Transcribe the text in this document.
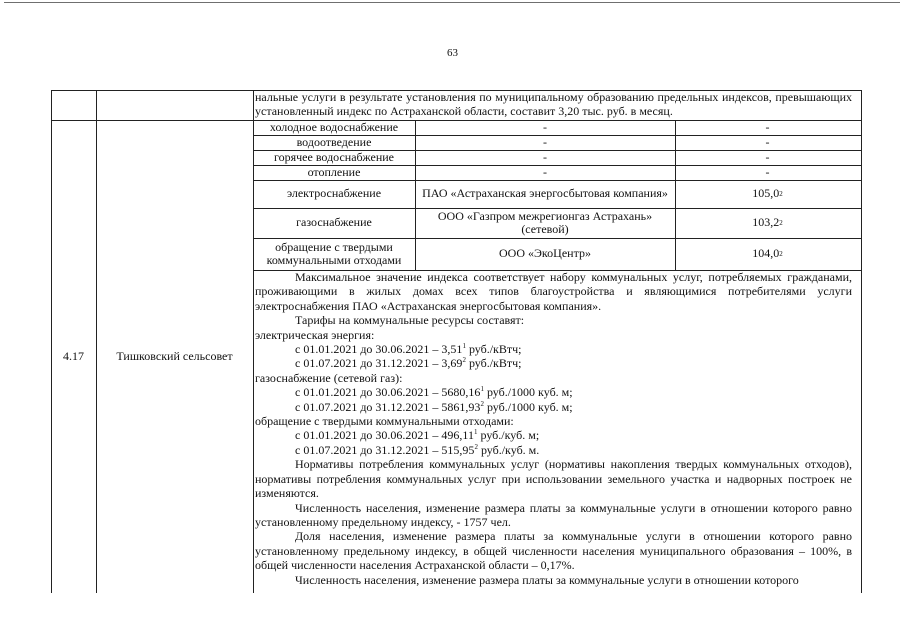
63
нальные услуги в результате установления по муниципальному образованию предельных индексов, превышающих установленный индекс по Астраханской области, составит 3,20 тыс. руб. в месяц.
4.17	Тишковский сельсовет
холодное водоснабжение	-	-
водоотведение	-	-
горячее водоснабжение	-	-
отопление	-	-
электроснабжение	ПАО «Астраханская энергосбытовая компания»	105,0 2
газоснабжение	ООО «Газпром межрегионгаз Астрахань» (сетевой)	103,2 2
обращение с твердыми коммунальными отходами	ООО «ЭкоЦентр»	104,0 2

Максимальное значение индекса соответствует набору коммунальных услуг, потребляемых гражданами, проживающими в жилых домах всех типов благоустройства и являющимися потребителями услуги электроснабжения ПАО «Астраханская энергосбытовая компания».

Тарифы на коммунальные ресурсы составят:

электрическая энергия:

с 01.01.2021 до 30.06.2021 – 3,51$^1$ руб./кВтч;

с 01.07.2021 до 31.12.2021 – 3,69$^2$ руб./кВтч;

газоснабжение (сетевой газ):

с 01.01.2021 до 30.06.2021 – 5680,16$^1$ руб./1000 куб. м;

с 01.07.2021 до 31.12.2021 – 5861,93$^2$ руб./1000 куб. м;

обращение с твердыми коммунальными отходами:

с 01.01.2021 до 30.06.2021 – 496,11$^1$ руб./куб. м;

с 01.07.2021 до 31.12.2021 – 515,95$^2$ руб./куб. м.

Нормативы потребления коммунальных услуг (нормативы накопления твердых коммунальных отходов), нормативы потребления коммунальных услуг при использовании земельного участка и надворных построек не изменяются.

Численность населения, изменение размера платы за коммунальные услуги в отношении которого равно установленному предельному индексу, - 1757 чел.

Доля населения, изменение размера платы за коммунальные услуги в отношении которого равно установленному предельному индексу, в общей численности населения муниципального образования – 100%, в общей численности населения Астраханской области – 0,17%.

Численность населения, изменение размера платы за коммунальные услуги в отношении которого
